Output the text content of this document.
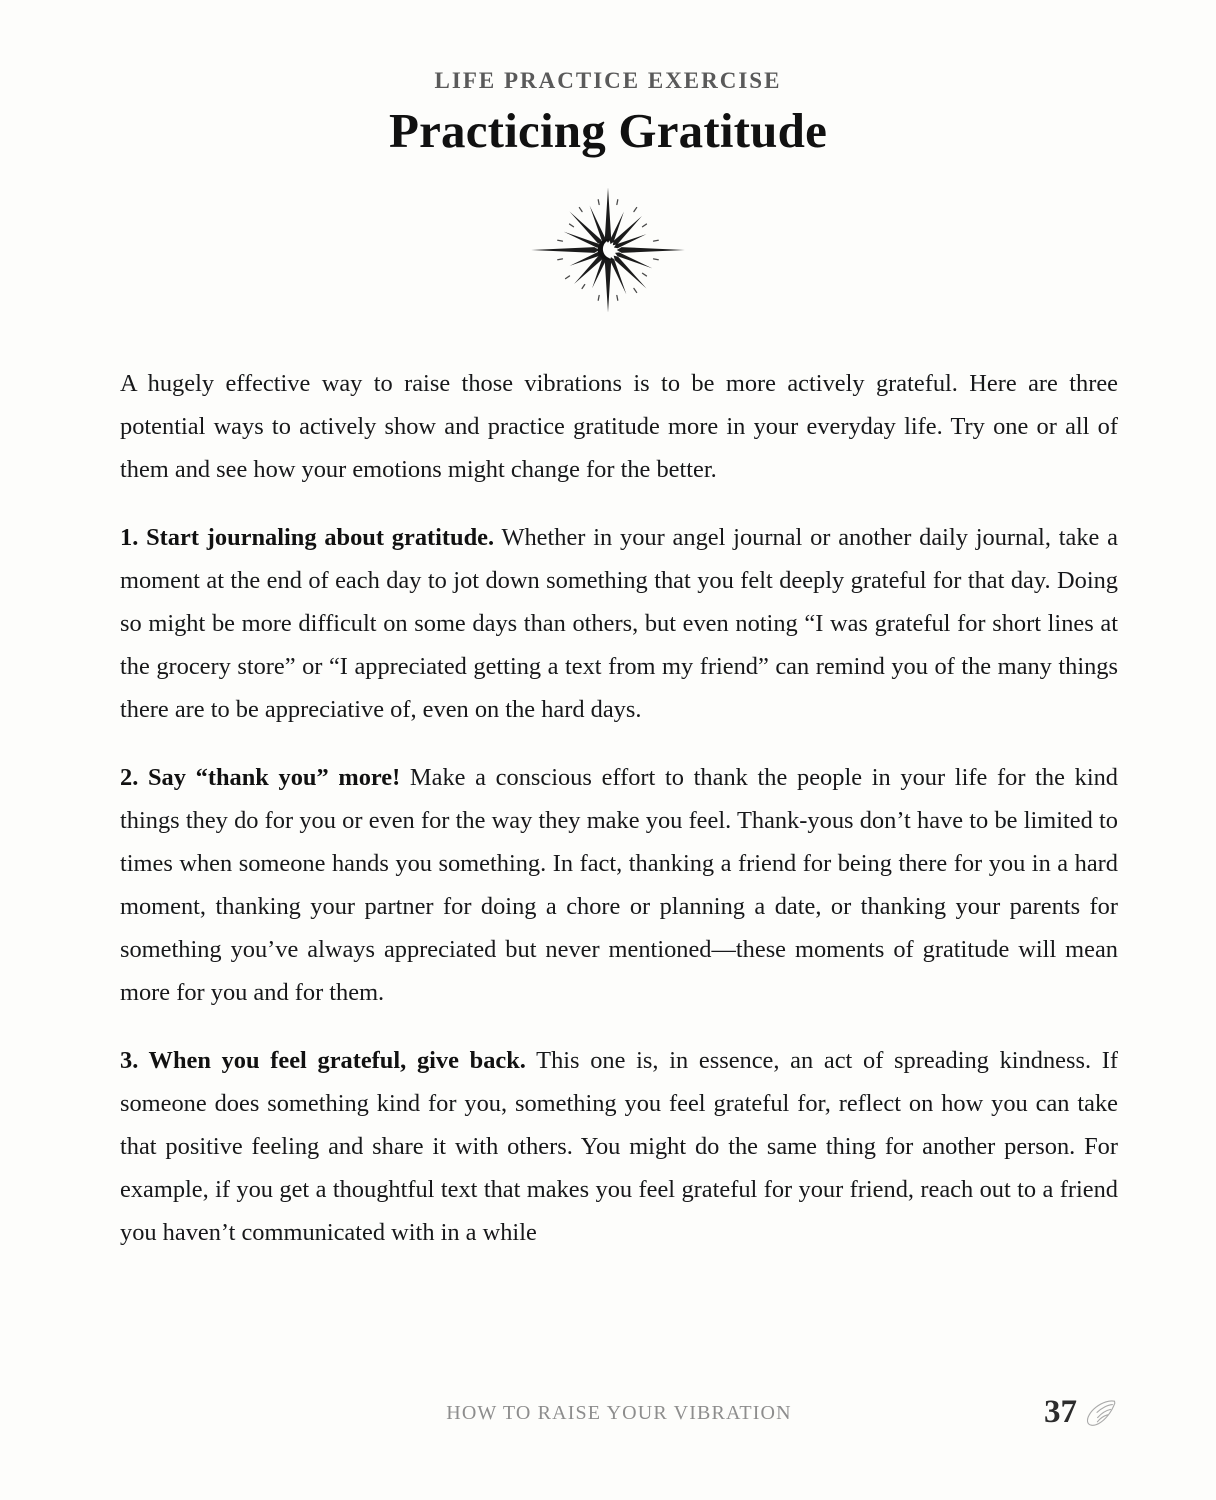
LIFE PRACTICE EXERCISE
Practicing Gratitude

A hugely effective way to raise those vibrations is to be more actively grateful. Here are three potential ways to actively show and practice gratitude more in your everyday life. Try one or all of them and see how your emotions might change for the better.

1. Start journaling about gratitude. Whether in your angel journal or another daily journal, take a moment at the end of each day to jot down something that you felt deeply grateful for that day. Doing so might be more difficult on some days than others, but even noting “I was grateful for short lines at the grocery store” or “I appreciated getting a text from my friend” can remind you of the many things there are to be appreciative of, even on the hard days.

2. Say “thank you” more! Make a conscious effort to thank the people in your life for the kind things they do for you or even for the way they make you feel. Thank-yous don’t have to be limited to times when someone hands you something. In fact, thanking a friend for being there for you in a hard moment, thanking your partner for doing a chore or planning a date, or thanking your parents for something you’ve always appreciated but never mentioned—these moments of gratitude will mean more for you and for them.

3. When you feel grateful, give back. This one is, in essence, an act of spreading kindness. If someone does something kind for you, something you feel grateful for, reflect on how you can take that positive feeling and share it with others. You might do the same thing for another person. For example, if you get a thoughtful text that makes you feel grateful for your friend, reach out to a friend you haven’t communicated with in a while

HOW TO RAISE YOUR VIBRATION	37
